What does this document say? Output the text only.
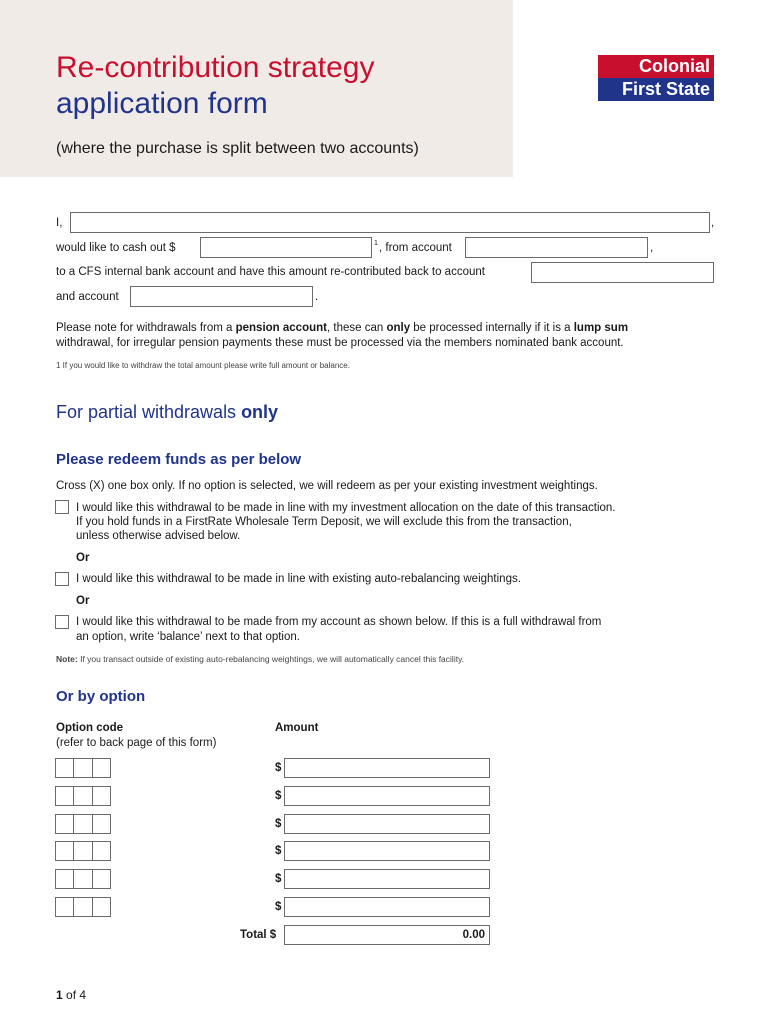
Re-contribution strategy
application form
(where the purchase is split between two accounts)
Colonial
First State
I,	,
would like to cash out $	1 , from account	,
to a CFS internal bank account and have this amount re-contributed back to account
and account	.
Please note for withdrawals from a pension account, these can only be processed internally if it is a lump sum
withdrawal, for irregular pension payments these must be processed via the members nominated bank account.
1 If you would like to withdraw the total amount please write full amount or balance.
For partial withdrawals only
Please redeem funds as per below
Cross (X) one box only. If no option is selected, we will redeem as per your existing investment weightings.
I would like this withdrawal to be made in line with my investment allocation on the date of this transaction.
If you hold funds in a FirstRate Wholesale Term Deposit, we will exclude this from the transaction,
unless otherwise advised below.
Or
I would like this withdrawal to be made in line with existing auto-rebalancing weightings.
Or
I would like this withdrawal to be made from my account as shown below. If this is a full withdrawal from
an option, write ‘balance’ next to that option.
Note: If you transact outside of existing auto-rebalancing weightings, we will automatically cancel this facility.
Or by option
Option code
(refer to back page of this form)
Amount
$
$
$
$
$
$
Total $	0.00
1 of 4
